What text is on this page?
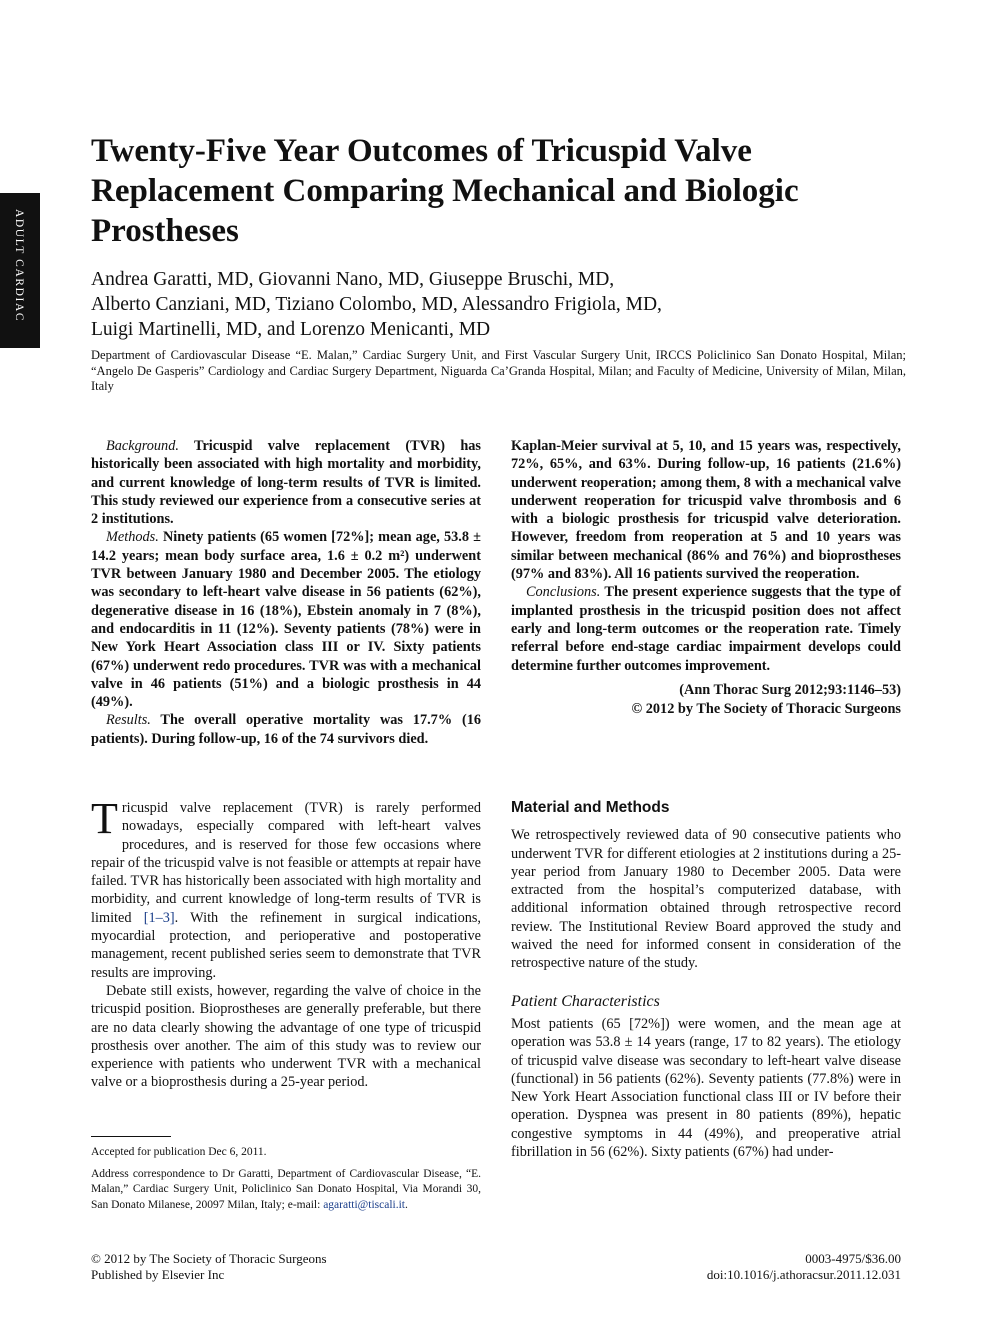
ADULT CARDIAC
Twenty-Five Year Outcomes of Tricuspid Valve Replacement Comparing Mechanical and Biologic Prostheses
Andrea Garatti, MD, Giovanni Nano, MD, Giuseppe Bruschi, MD,
Alberto Canziani, MD, Tiziano Colombo, MD, Alessandro Frigiola, MD,
Luigi Martinelli, MD, and Lorenzo Menicanti, MD
Department of Cardiovascular Disease “E. Malan,” Cardiac Surgery Unit, and First Vascular Surgery Unit, IRCCS Policlinico San Donato Hospital, Milan; “Angelo De Gasperis” Cardiology and Cardiac Surgery Department, Niguarda Ca’Granda Hospital, Milan; and Faculty of Medicine, University of Milan, Milan, Italy

Background. Tricuspid valve replacement (TVR) has historically been associated with high mortality and morbidity, and current knowledge of long-term results of TVR is limited. This study reviewed our experience from a consecutive series at 2 institutions.

Methods. Ninety patients (65 women [72%]; mean age, 53.8 ± 14.2 years; mean body surface area, 1.6 ± 0.2 m²) underwent TVR between January 1980 and December 2005. The etiology was secondary to left-heart valve disease in 56 patients (62%), degenerative disease in 16 (18%), Ebstein anomaly in 7 (8%), and endocarditis in 11 (12%). Seventy patients (78%) were in New York Heart Association class III or IV. Sixty patients (67%) underwent redo procedures. TVR was with a mechanical valve in 46 patients (51%) and a biologic prosthesis in 44 (49%).

Results. The overall operative mortality was 17.7% (16 patients). During follow-up, 16 of the 74 survivors died.

Kaplan-Meier survival at 5, 10, and 15 years was, respectively, 72%, 65%, and 63%. During follow-up, 16 patients (21.6%) underwent reoperation; among them, 8 with a mechanical valve underwent reoperation for tricuspid valve thrombosis and 6 with a biologic prosthesis for tricuspid valve deterioration. However, freedom from reoperation at 5 and 10 years was similar between mechanical (86% and 76%) and bioprostheses (97% and 83%). All 16 patients survived the reoperation.

Conclusions. The present experience suggests that the type of implanted prosthesis in the tricuspid position does not affect early and long-term outcomes or the reoperation rate. Timely referral before end-stage cardiac impairment develops could determine further outcomes improvement.

(Ann Thorac Surg 2012;93:1146–53)
© 2012 by The Society of Thoracic Surgeons

Tricuspid valve replacement (TVR) is rarely performed nowadays, especially compared with left-heart valves procedures, and is reserved for those few occasions where repair of the tricuspid valve is not feasible or attempts at repair have failed. TVR has historically been associated with high mortality and morbidity, and current knowledge of long-term results of TVR is limited [1–3]. With the refinement in surgical indications, myocardial protection, and perioperative and postoperative management, recent published series seem to demonstrate that TVR results are improving.

Debate still exists, however, regarding the valve of choice in the tricuspid position. Bioprostheses are generally preferable, but there are no data clearly showing the advantage of one type of tricuspid prosthesis over another. The aim of this study was to review our experience with patients who underwent TVR with a mechanical valve or a bioprosthesis during a 25-year period.

Material and Methods

We retrospectively reviewed data of 90 consecutive patients who underwent TVR for different etiologies at 2 institutions during a 25-year period from January 1980 to December 2005. Data were extracted from the hospital’s computerized database, with additional information obtained through retrospective record review. The Institutional Review Board approved the study and waived the need for informed consent in consideration of the retrospective nature of the study.

Patient Characteristics

Most patients (65 [72%]) were women, and the mean age at operation was 53.8 ± 14 years (range, 17 to 82 years). The etiology of tricuspid valve disease was secondary to left-heart valve disease (functional) in 56 patients (62%). Seventy patients (77.8%) were in New York Heart Association functional class III or IV before their operation. Dyspnea was present in 80 patients (89%), hepatic congestive symptoms in 44 (49%), and preoperative atrial fibrillation in 56 (62%). Sixty patients (67%) had under-

Accepted for publication Dec 6, 2011.

Address correspondence to Dr Garatti, Department of Cardiovascular Disease, “E. Malan,” Cardiac Surgery Unit, Policlinico San Donato Hospital, Via Morandi 30, San Donato Milanese, 20097 Milan, Italy; e-mail: agaratti@tiscali.it.

© 2012 by The Society of Thoracic Surgeons
Published by Elsevier Inc
0003-4975/$36.00
doi:10.1016/j.athoracsur.2011.12.031
